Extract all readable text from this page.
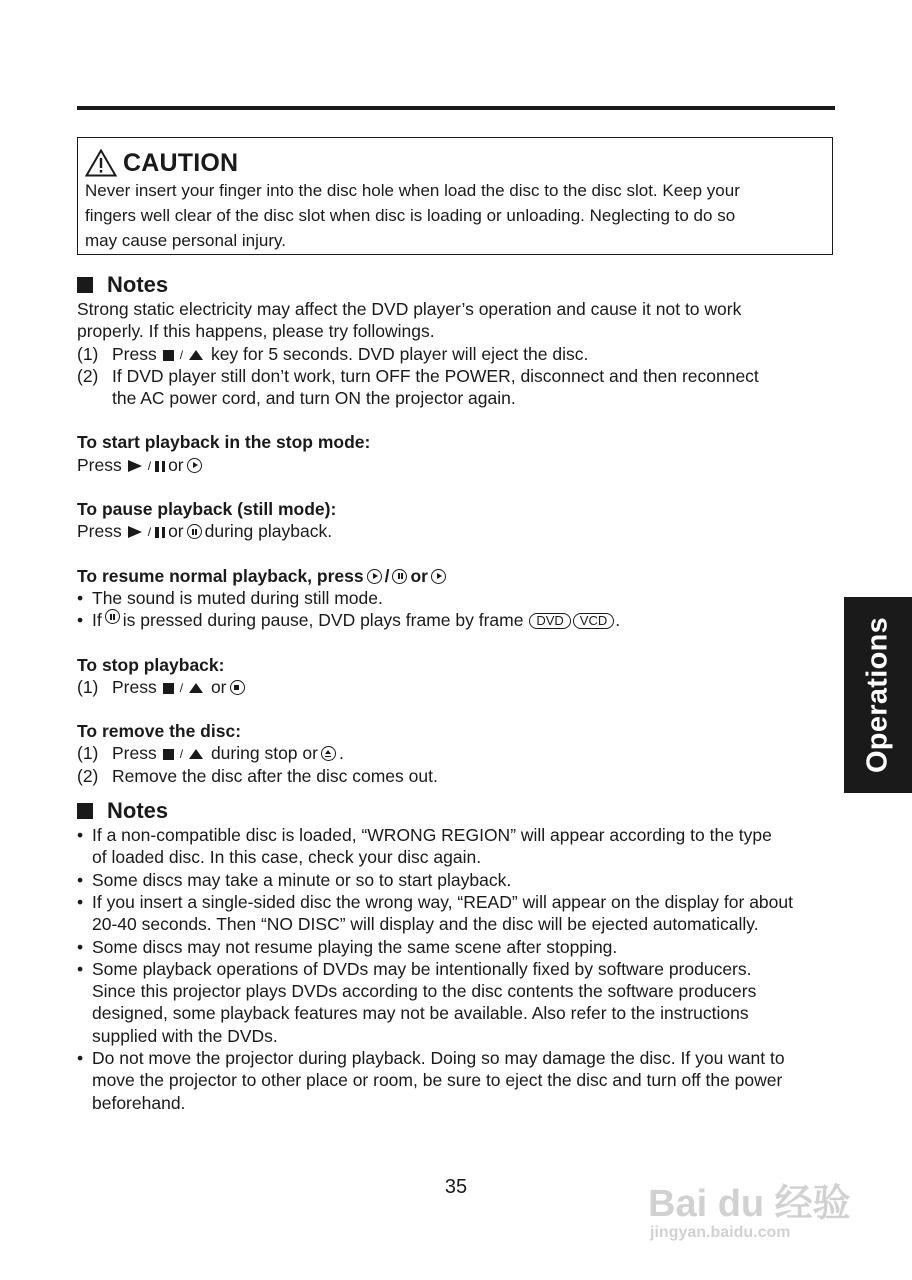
CAUTION
Never insert your finger into the disc hole when load the disc to the disc slot. Keep your
fingers well clear of the disc slot when disc is loading or unloading. Neglecting to do so
may cause personal injury.
Notes
Strong static electricity may affect the DVD player’s operation and cause it not to work
properly. If this happens, please try followings.
(1) Press / key for 5 seconds. DVD player will eject the disc.
(2) If DVD player still don’t work, turn OFF the POWER, disconnect and then reconnect
the AC power cord, and turn ON the projector again.
To start playback in the stop mode:
Press / or
To pause playback (still mode):
Press / or during playback.
To resume normal playback, press / or
• The sound is muted during still mode.
• If is pressed during pause, DVD plays frame by frame DVD VCD .
To stop playback:
(1) Press / or
To remove the disc:
(1) Press / during stop or .
(2) Remove the disc after the disc comes out.
Notes
• If a non-compatible disc is loaded, “WRONG REGION” will appear according to the type
of loaded disc. In this case, check your disc again.
• Some discs may take a minute or so to start playback.
• If you insert a single-sided disc the wrong way, “READ” will appear on the display for about
20-40 seconds. Then “NO DISC” will display and the disc will be ejected automatically.
• Some discs may not resume playing the same scene after stopping.
• Some playback operations of DVDs may be intentionally fixed by software producers.
Since this projector plays DVDs according to the disc contents the software producers
designed, some playback features may not be available. Also refer to the instructions
supplied with the DVDs.
• Do not move the projector during playback. Doing so may damage the disc. If you want to
move the projector to other place or room, be sure to eject the disc and turn off the power
beforehand.
Operations
35	Bai du 经验
jingyan.baidu.com
